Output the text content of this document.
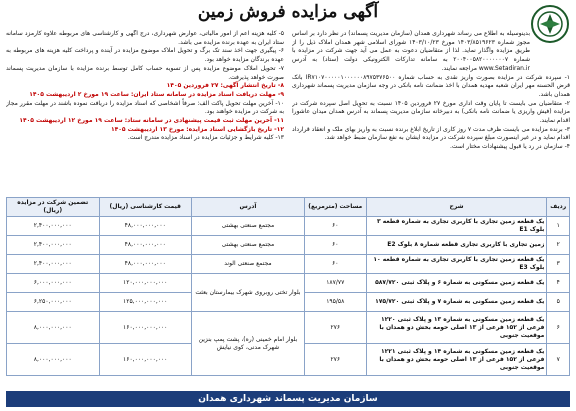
آگهی مزایده فروش زمین

بدینوسیله به اطلاع می رساند شهرداری همدان (سازمان مدیریت پسماند) در نظر دارد بر اساس مجوز شماره ۱۴۰۳/۸۵۱۹۶۲۳ مورخ ۱۴۰۳/۱۰/۲۳ شورای اسلامی شهر همدان املاک ذیل را از طریق مزایده واگذار نماید. لذا از متقاضیان دعوت به عمل می آید جهت شرکت در مزایده با شماره ۲۰۰۴۰۰۵۸۲۰۰۰۰۰۰۰۷ به سامانه تدارکات الکترونیکی دولت (ستاد) به آدرس www.Setadiran.ir مراجعه نمایند.

۱- سپرده شرکت در مزایده بصورت واریز نقدی به حساب شماره IR۷۱۰۷۰۰۰۰۰۱۰۰۰۰۰۰۸۹۷۵۳۷۶۵۰۰ بانک قرض الحسنه مهر ایران شعبه مهدیه همدان با اخذ ضمانت نامه بانکی در وجه سازمان مدیریت پسماند شهرداری همدان باشد.

۲- متقاضیان می بایست تا پایان وقت اداری مورخ ۲۷ فروردین ۱۴۰۵ نسبت به تحویل اصل سپرده شرکت در مزایده (فیش واریزی یا ضمانت نامه بانکی) به دبیرخانه سازمان مدیریت پسماند به آدرس همدان میدان عاشورا اقدام نمایند.

۳- برنده مزایده می بایست ظرف مدت ۷ روز کاری از تاریخ ابلاغ برنده نسبت به واریز بهای ملک و انعقاد قرارداد اقدام نماید و در غیر اینصورت مبلغ سپرده شرکت در مزایده ایشان به نفع سازمان ضبط خواهد شد.

۴- سازمان در رد یا قبول پیشنهادات مختار است.

۵- کلیه هزینه اعم از امور مالیاتی، عوارض شهرداری، درج آگهی و کارشناسی های مربوطه علاوه کارمزد سامانه ستاد ایران به عهده برنده مزایده می باشد.

۶- پیگیری جهت اخذ سند تک برگ و تحویل املاک موضوع مزایده در آینده و پرداخت کلیه هزینه های مربوطه به عهده برندگان مزایده خواهد بود.

۷- تحویل املاک موضوع مزایده پس از تسویه حساب کامل توسط برنده مزایده با سازمان مدیریت پسماند صورت خواهد پذیرفت.

۸- تاریخ انتشار آگهی: ۲۷ فروردین ۱۴۰۵

۹- مهلت دریافت اسناد مزایده در سامانه ستاد ایران: ساعت ۱۹ مورخ ۲ اردیبهشت ۱۴۰۵

۱۰- آخرین مهلت تحویل پاکت الف: صرفاً اشخاصی که اسناد مزایده را دریافت نموده باشند در مهلت مقرر مجاز به شرکت در مزایده خواهند بود.

۱۱- آخرین مهلت ثبت قیمت پیشنهادی در سامانه ستاد: ساعت ۱۹ مورخ ۱۲ اردیبهشت ۱۴۰۵

۱۲- تاریخ بازگشایی اسناد مزایده: مورخ ۱۳ اردیبهشت ۱۴۰۵

۱۳- کلیه شرایط و جزئیات مزایده در اسناد مزایده مندرج است.

ردیف	شرح	مساحت (مترمربع)	آدرس	قیمت کارشناسی (ریال)	تضمین شرکت در مزایده (ریال)
۱	یک قطعه زمین تجاری با کاربری تجاری به شماره قطعه ۳ بلوک E1	۶۰	مجتمع صنعتی بهشتی	۴۸,۰۰۰,۰۰۰,۰۰۰	۲,۴۰۰,۰۰۰,۰۰۰
۲	زمین تجاری با کاربری تجاری قطعه شماره ۸ بلوک E2	۶۰	مجتمع صنعتی بهشتی	۴۸,۰۰۰,۰۰۰,۰۰۰	۲,۴۰۰,۰۰۰,۰۰۰
۳	یک قطعه زمین تجاری با کاربری تجاری به شماره قطعه ۱۰ بلوک E3	۶۰	مجتمع صنعتی الوند	۴۸,۰۰۰,۰۰۰,۰۰۰	۲,۴۰۰,۰۰۰,۰۰۰
۴	یک قطعه زمین مسکونی به شماره ۶ و پلاک ثبتی ۵۸۷/۷۲۰	۱۸۷/۷۷	بلوار تختی روبروی شهرک بیمارستان بعثت	۱۲۰,۰۰۰,۰۰۰,۰۰۰	۶,۰۰۰,۰۰۰,۰۰۰
۵	یک قطعه زمین مسکونی به شماره ۷ و پلاک ثبتی ۱۷۵/۷۲۰	۱۹۵/۵۸		۱۲۵,۰۰۰,۰۰۰,۰۰۰	۶,۲۵۰,۰۰۰,۰۰۰
۶	یک قطعه زمین مسکونی به شماره ۱۳ و پلاک ثبتی ۱۲۲۰ فرعی از ۱۵۲ فرعی از ۱۳ اصلی حومه بخش دو همدان با موقعیت جنوبی	۲۷۶	بلوار امام خمینی (ره)، پشت پمپ بنزین شهرک مدنی، کوی نیایش	۱۶۰,۰۰۰,۰۰۰,۰۰۰	۸,۰۰۰,۰۰۰,۰۰۰
۷	یک قطعه زمین مسکونی به شماره ۱۴ و پلاک ثبتی ۱۲۲۱ فرعی از ۱۵۲ فرعی از ۱۳ اصلی حومه بخش دو همدان با موقعیت جنوبی	۲۷۶		۱۶۰,۰۰۰,۰۰۰,۰۰۰	۸,۰۰۰,۰۰۰,۰۰۰
سازمان مدیریت پسماند شهرداری همدان
